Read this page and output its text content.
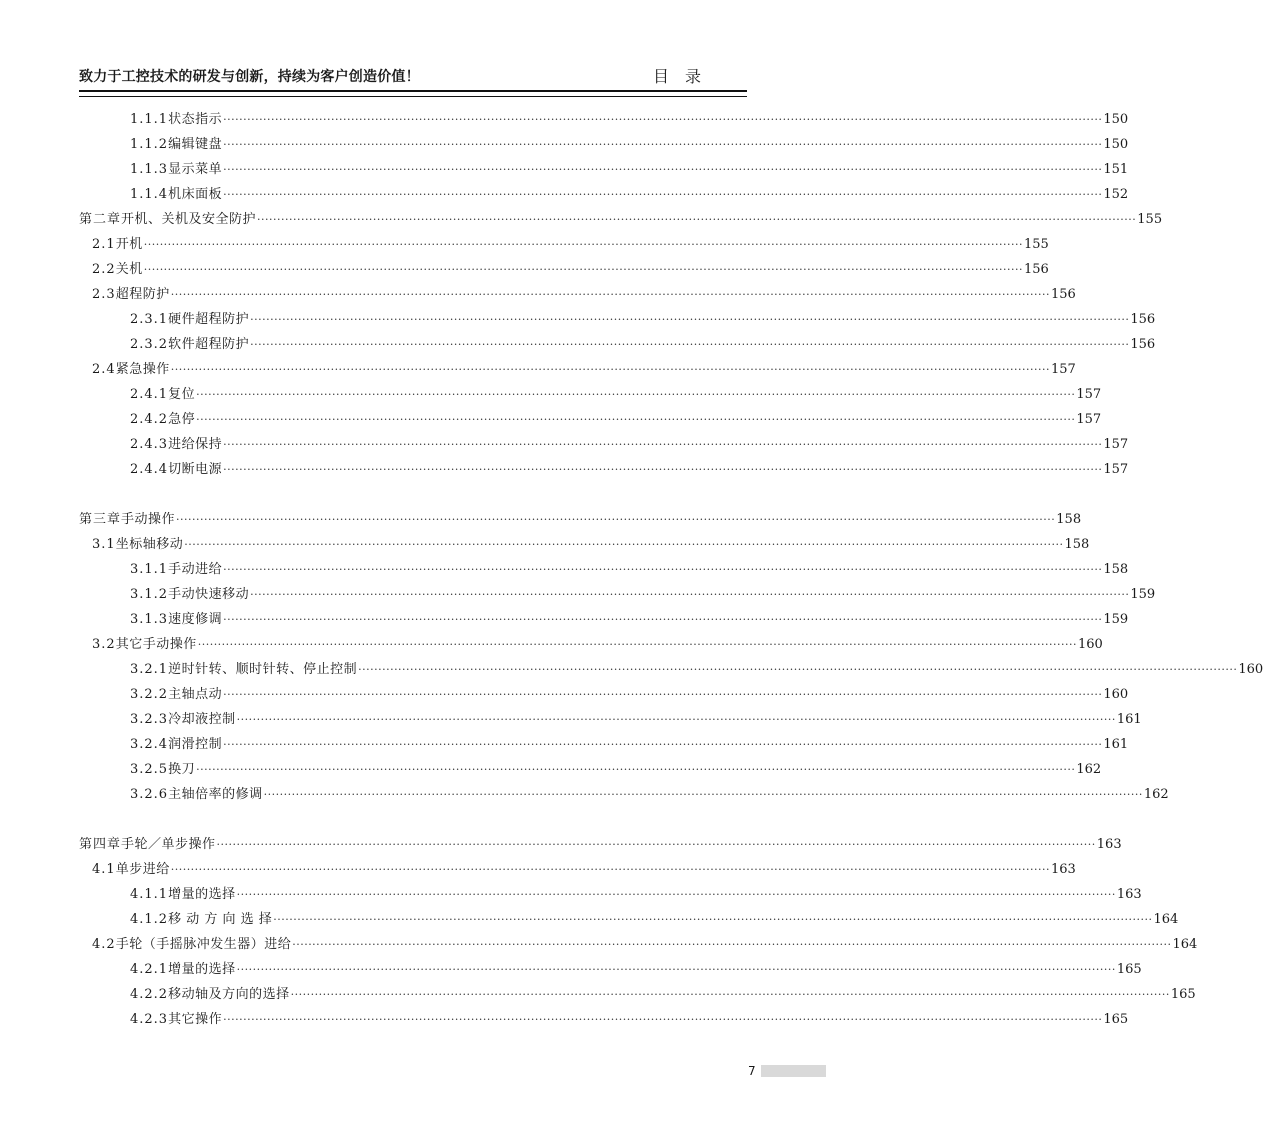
致力于工控技术的研发与创新，持续为客户创造价值！	目录
1.1.1 状态指示 ···························································································································································································································· 150
1.1.2 编辑键盘 ···························································································································································································································· 150
1.1.3 显示菜单 ···························································································································································································································· 151
1.1.4 机床面板 ···························································································································································································································· 152
第二章 开机、关机及安全防护 ···························································································································································································································· 155
2.1 开机 ···························································································································································································································· 155
2.2 关机 ···························································································································································································································· 156
2.3 超程防护 ···························································································································································································································· 156
2.3.1 硬件超程防护 ···························································································································································································································· 156
2.3.2 软件超程防护 ···························································································································································································································· 156
2.4 紧急操作 ···························································································································································································································· 157
2.4.1 复位 ···························································································································································································································· 157
2.4.2 急停 ···························································································································································································································· 157
2.4.3 进给保持 ···························································································································································································································· 157
2.4.4 切断电源 ···························································································································································································································· 157
第三章 手动操作 ···························································································································································································································· 158
3.1 坐标轴移动 ···························································································································································································································· 158
3.1.1 手动进给 ···························································································································································································································· 158
3.1.2 手动快速移动 ···························································································································································································································· 159
3.1.3 速度修调 ···························································································································································································································· 159
3.2 其它手动操作 ···························································································································································································································· 160
3.2.1 逆时针转、顺时针转、停止控制 ···························································································································································································································· 160
3.2.2 主轴点动 ···························································································································································································································· 160
3.2.3 冷却液控制 ···························································································································································································································· 161
3.2.4 润滑控制 ···························································································································································································································· 161
3.2.5 换刀 ···························································································································································································································· 162
3.2.6 主轴倍率的修调 ···························································································································································································································· 162
第四章 手轮／单步操作 ···························································································································································································································· 163
4.1 单步进给 ···························································································································································································································· 163
4.1.1 增量的选择 ···························································································································································································································· 163
4.1.2 移 动 方 向 选 择 ···························································································································································································································· 164
4.2 手轮（手摇脉冲发生器）进给 ···························································································································································································································· 164
4.2.1 增量的选择 ···························································································································································································································· 165
4.2.2 移动轴及方向的选择 ···························································································································································································································· 165
4.2.3 其它操作 ···························································································································································································································· 165
7
